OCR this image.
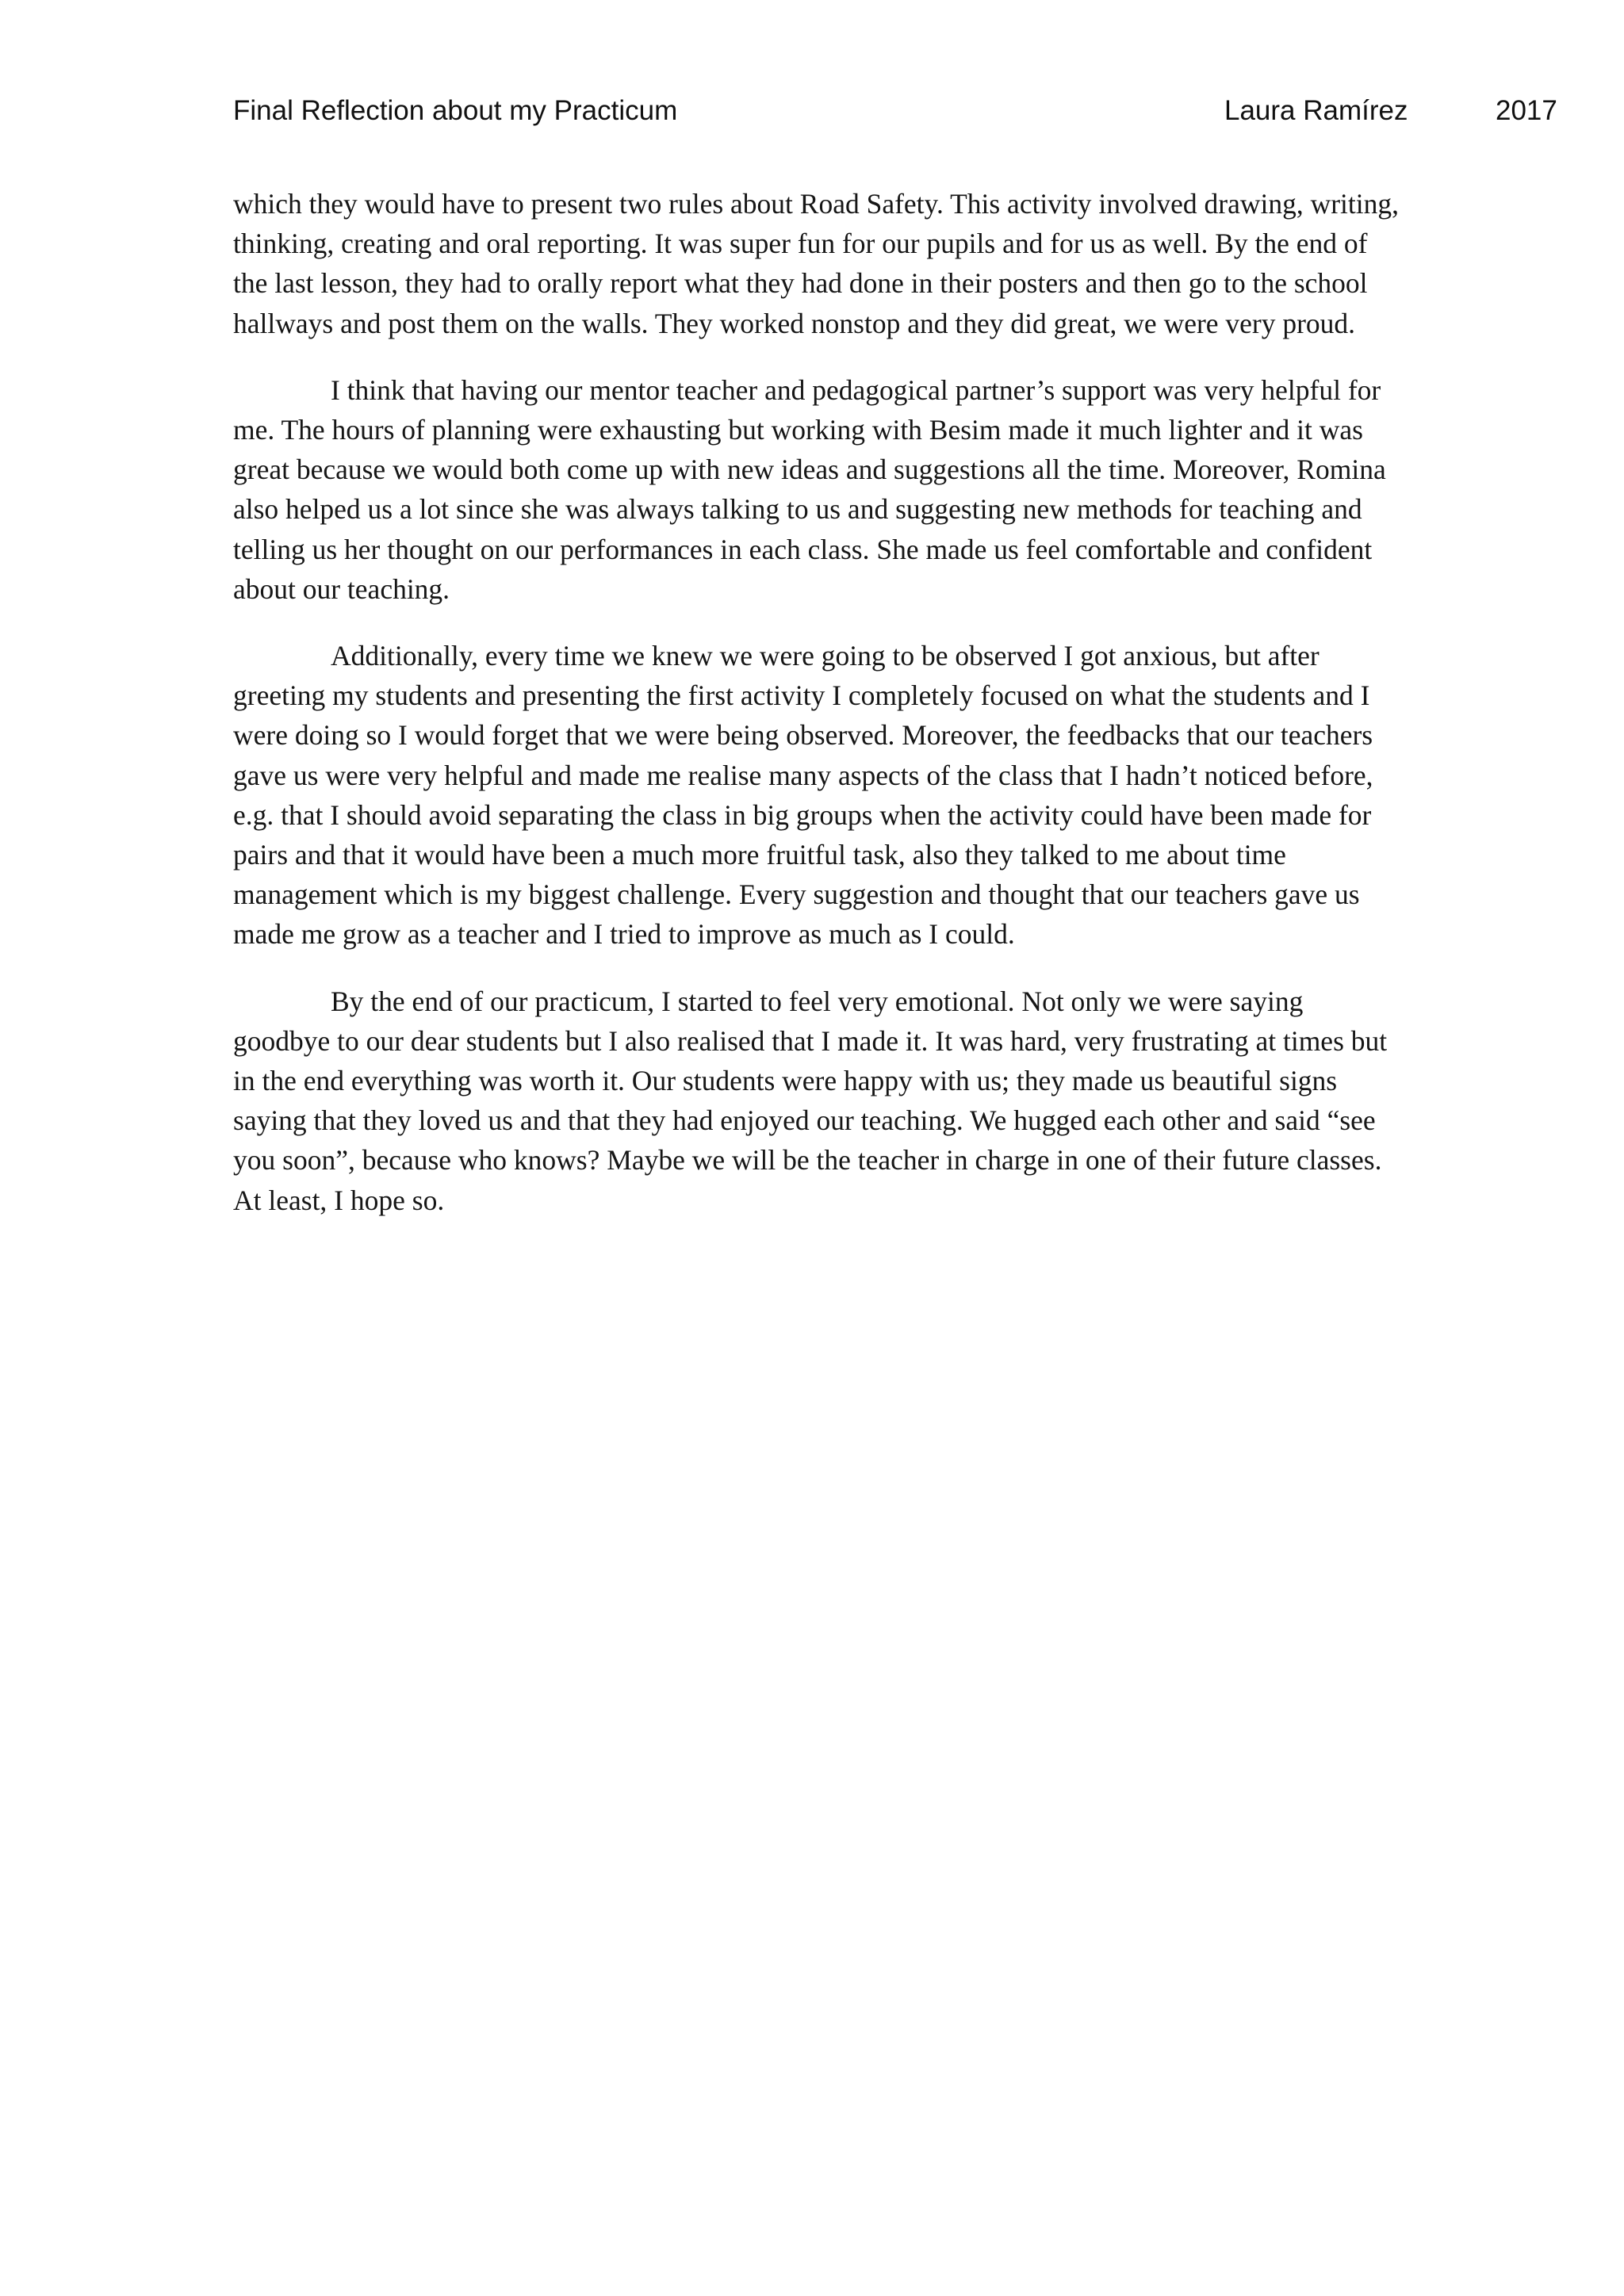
Final Reflection about my Practicum	Laura Ramírez	2017

which they would have to present two rules about Road Safety. This activity involved drawing, writing, thinking, creating and oral reporting. It was super fun for our pupils and for us as well. By the end of the last lesson, they had to orally report what they had done in their posters and then go to the school hallways and post them on the walls. They worked nonstop and they did great, we were very proud.

I think that having our mentor teacher and pedagogical partner’s support was very helpful for me. The hours of planning were exhausting but working with Besim made it much lighter and it was great because we would both come up with new ideas and suggestions all the time. Moreover, Romina also helped us a lot since she was always talking to us and suggesting new methods for teaching and telling us her thought on our performances in each class. She made us feel comfortable and confident about our teaching.

Additionally, every time we knew we were going to be observed I got anxious, but after greeting my students and presenting the first activity I completely focused on what the students and I were doing so I would forget that we were being observed. Moreover, the feedbacks that our teachers gave us were very helpful and made me realise many aspects of the class that I hadn’t noticed before, e.g. that I should avoid separating the class in big groups when the activity could have been made for pairs and that it would have been a much more fruitful task, also they talked to me about time management which is my biggest challenge. Every suggestion and thought that our teachers gave us made me grow as a teacher and I tried to improve as much as I could.

By the end of our practicum, I started to feel very emotional. Not only we were saying goodbye to our dear students but I also realised that I made it. It was hard, very frustrating at times but in the end everything was worth it. Our students were happy with us; they made us beautiful signs saying that they loved us and that they had enjoyed our teaching. We hugged each other and said “see you soon”, because who knows? Maybe we will be the teacher in charge in one of their future classes. At least, I hope so.
